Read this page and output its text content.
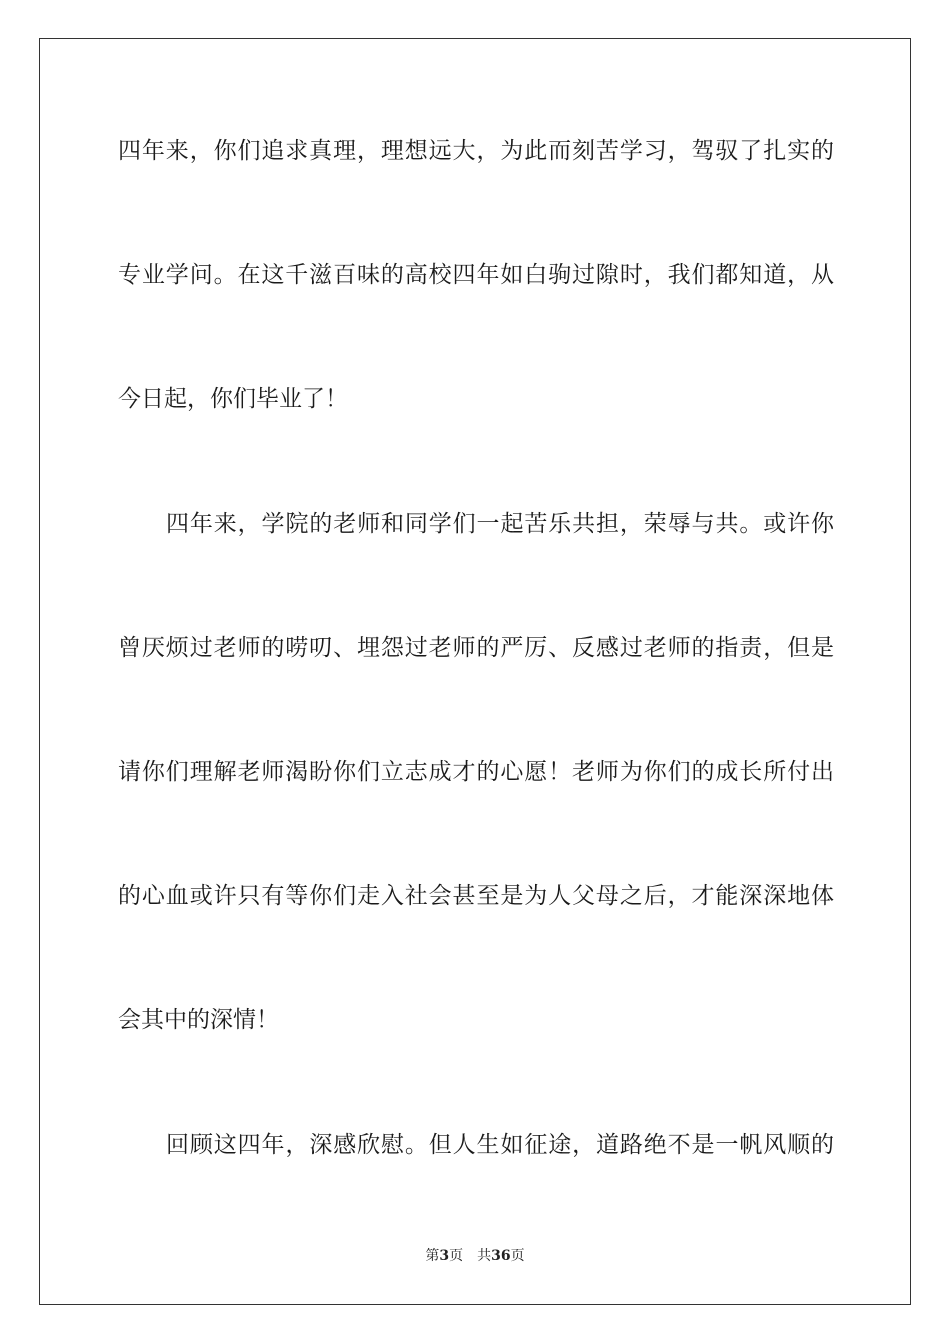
四年来，你们追求真理，理想远大，为此而刻苦学习，驾驭了扎实的
专业学问。在这千滋百味的高校四年如白驹过隙时，我们都知道，从
今日起，你们毕业了！
四年来，学院的老师和同学们一起苦乐共担，荣辱与共。或许你
曾厌烦过老师的唠叨、埋怨过老师的严厉、反感过老师的指责，但是
请你们理解老师渴盼你们立志成才的心愿！老师为你们的成长所付出
的心血或许只有等你们走入社会甚至是为人父母之后，才能深深地体
会其中的深情！
回顾这四年，深感欣慰。但人生如征途，道路绝不是一帆风顺的
第3页　共36页
